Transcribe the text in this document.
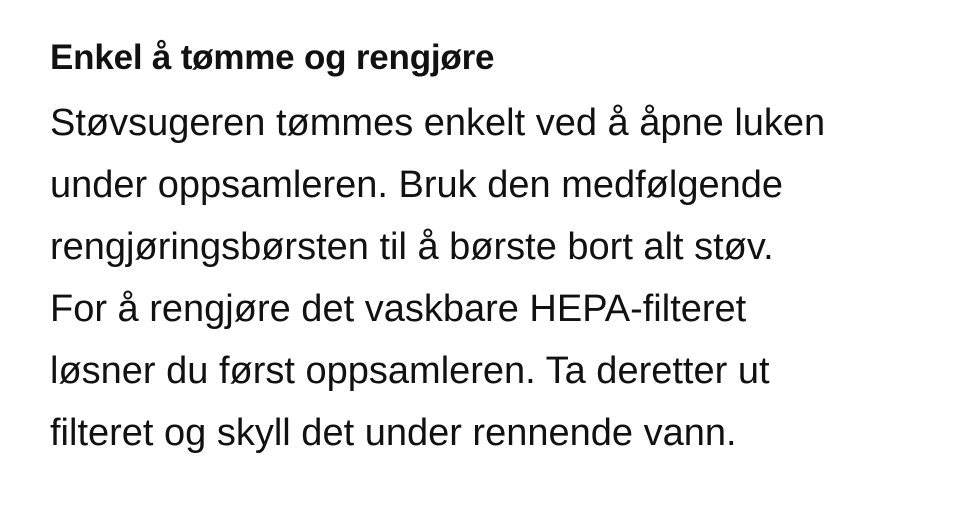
Enkel å tømme og rengjøre

Støvsugeren tømmes enkelt ved å åpne luken
under oppsamleren. Bruk den medfølgende
rengjøringsbørsten til å børste bort alt støv.
For å rengjøre det vaskbare HEPA-filteret
løsner du først oppsamleren. Ta deretter ut
filteret og skyll det under rennende vann.
